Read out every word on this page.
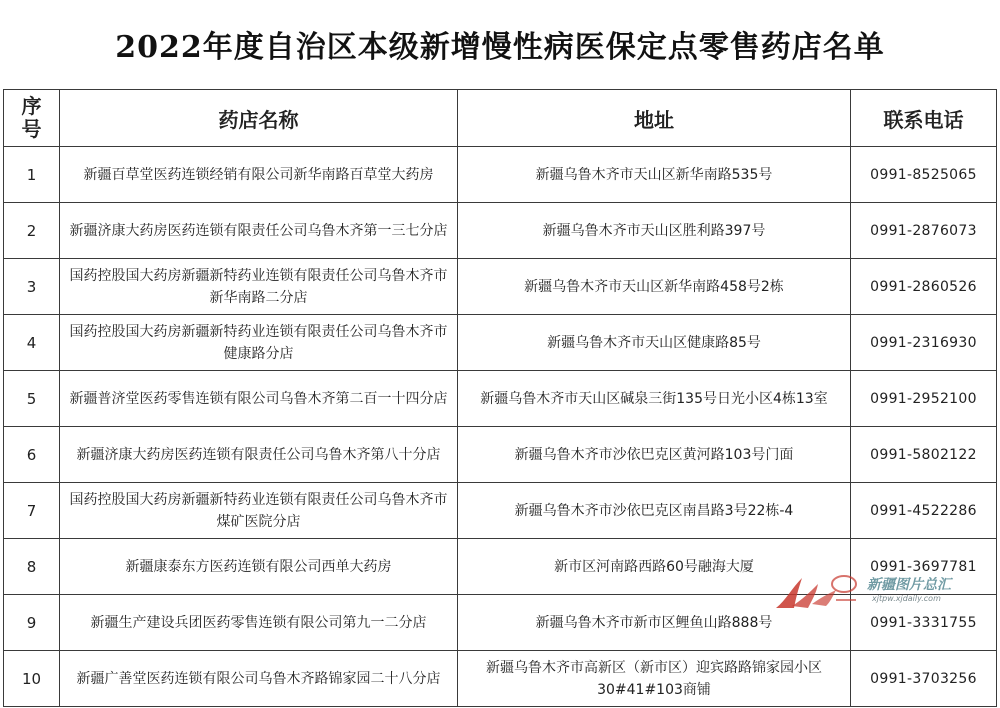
2022年度自治区本级新增慢性病医保定点零售药店名单
序号	药店名称	地址	联系电话
1	新疆百草堂医药连锁经销有限公司新华南路百草堂大药房	新疆乌鲁木齐市天山区新华南路535号	0991-8525065
2	新疆济康大药房医药连锁有限责任公司乌鲁木齐第一三七分店	新疆乌鲁木齐市天山区胜利路397号	0991-2876073
3	国药控股国大药房新疆新特药业连锁有限责任公司乌鲁木齐市新华南路二分店	新疆乌鲁木齐市天山区新华南路458号2栋	0991-2860526
4	国药控股国大药房新疆新特药业连锁有限责任公司乌鲁木齐市健康路分店	新疆乌鲁木齐市天山区健康路85号	0991-2316930
5	新疆普济堂医药零售连锁有限公司乌鲁木齐第二百一十四分店	新疆乌鲁木齐市天山区碱泉三街135号日光小区4栋13室	0991-2952100
6	新疆济康大药房医药连锁有限责任公司乌鲁木齐第八十分店	新疆乌鲁木齐市沙依巴克区黄河路103号门面	0991-5802122
7	国药控股国大药房新疆新特药业连锁有限责任公司乌鲁木齐市煤矿医院分店	新疆乌鲁木齐市沙依巴克区南昌路3号22栋-4	0991-4522286
8	新疆康泰东方医药连锁有限公司西单大药房	新市区河南路西路60号融海大厦	0991-3697781
9	新疆生产建设兵团医药零售连锁有限公司第九一二分店	新疆乌鲁木齐市新市区鲤鱼山路888号	0991-3331755
10	新疆广善堂医药连锁有限公司乌鲁木齐路锦家园二十八分店	新疆乌鲁木齐市高新区（新市区）迎宾路路锦家园小区30#41#103商铺	0991-3703256
新疆图片总汇
xjtpw.xjdaily.com
